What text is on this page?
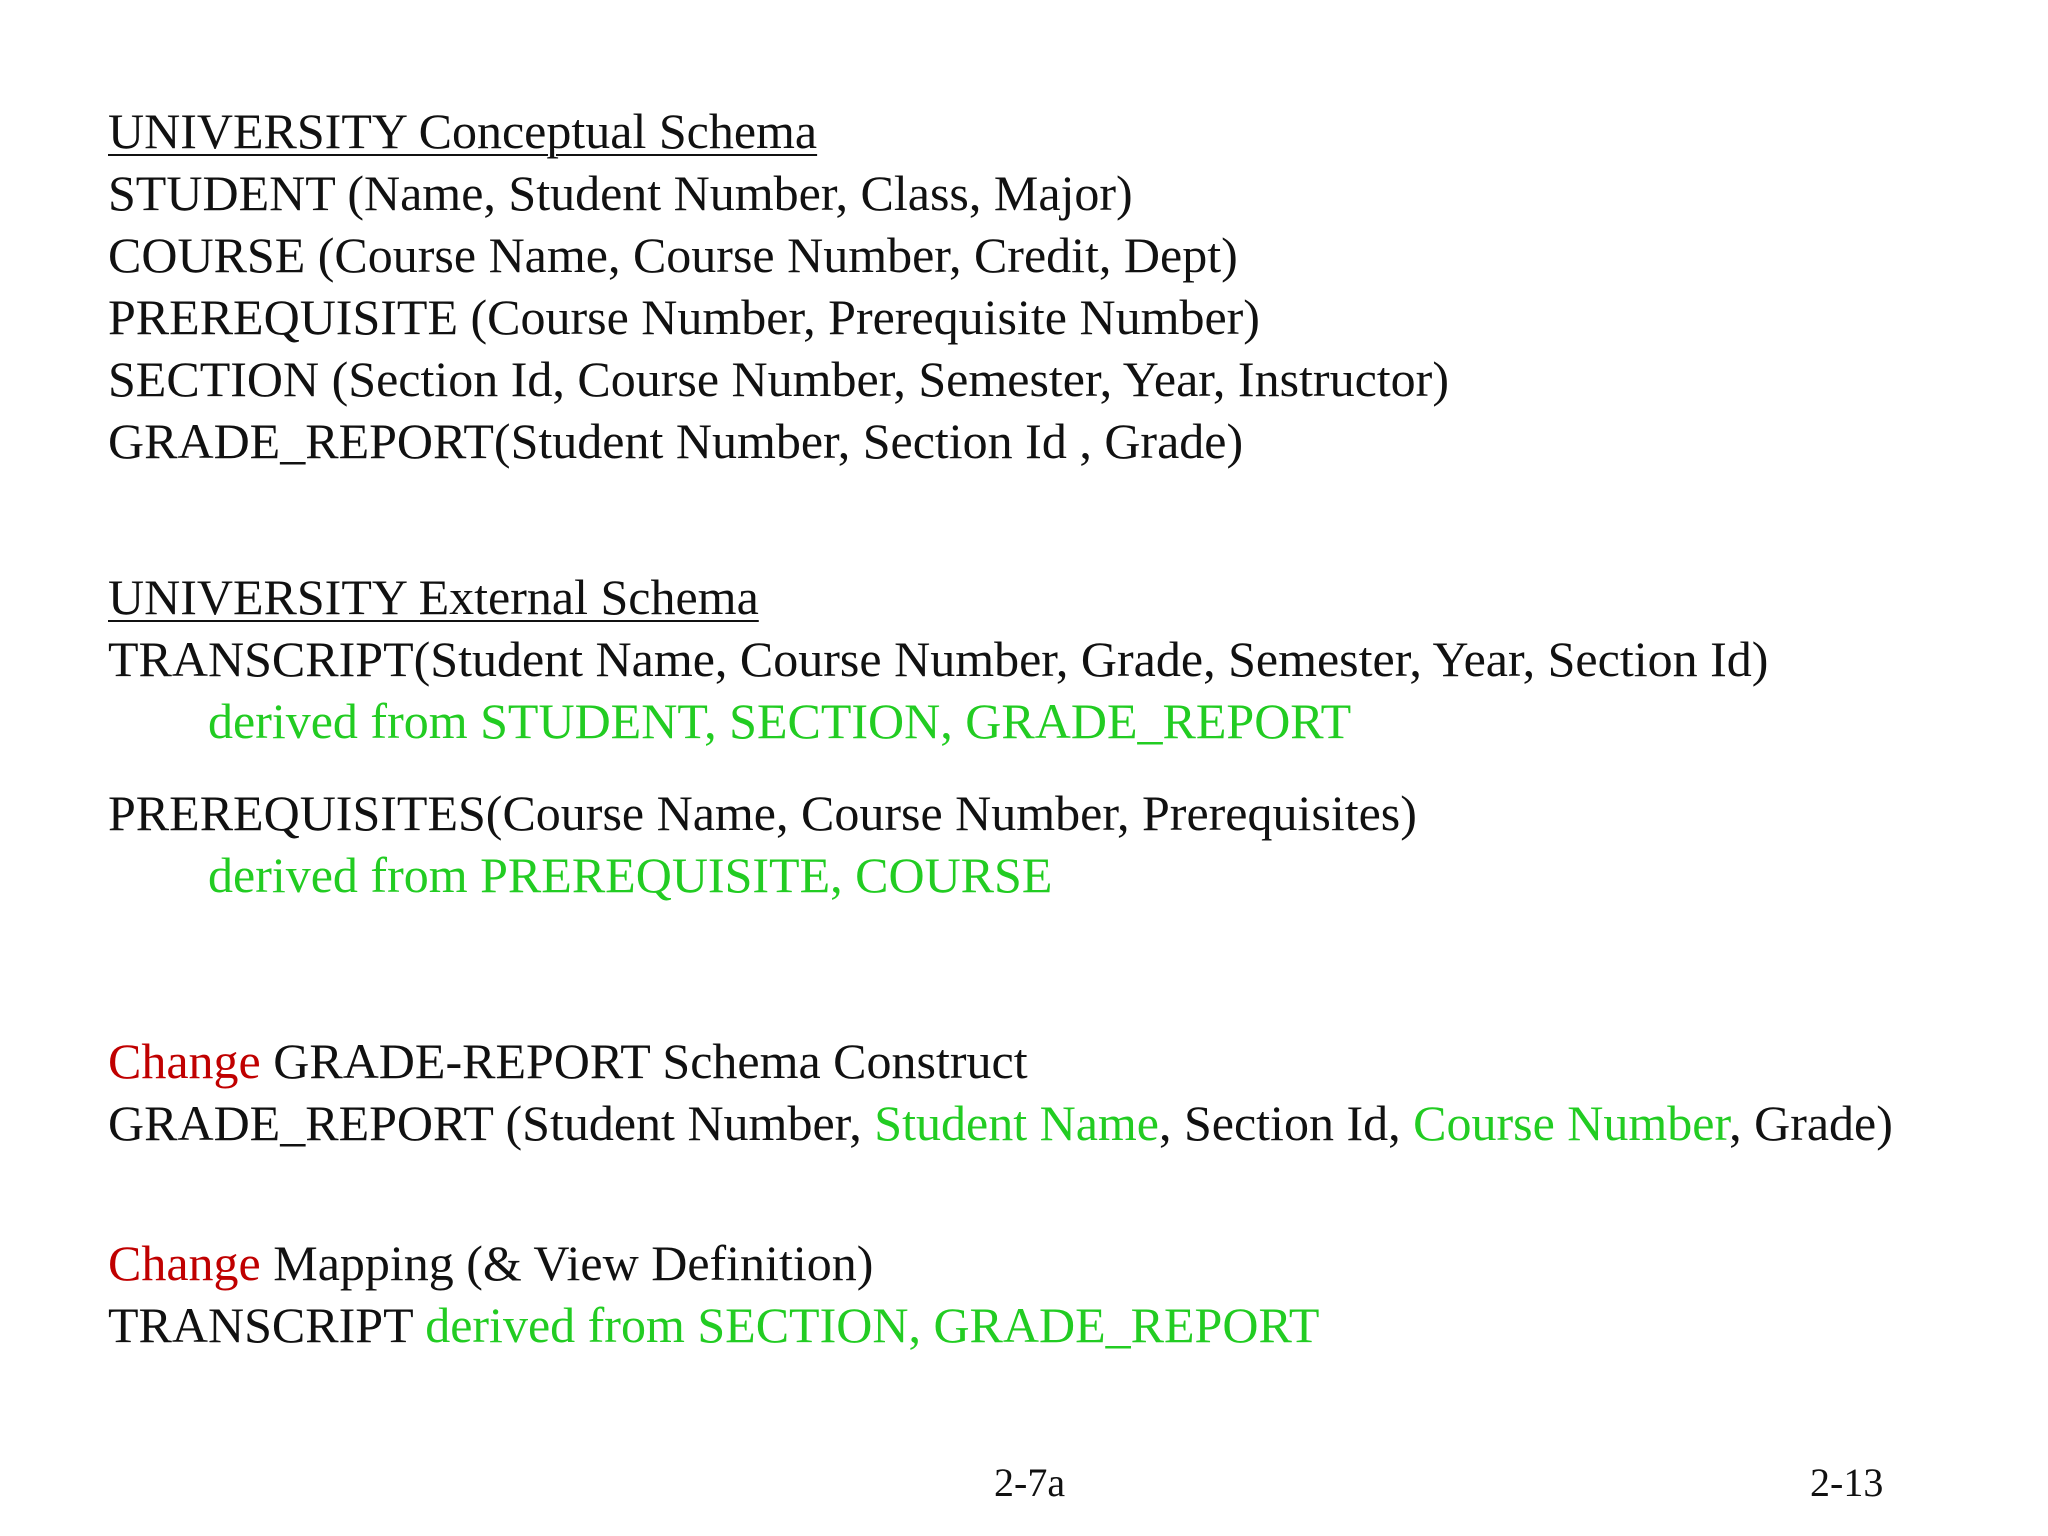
UNIVERSITY Conceptual Schema
STUDENT (Name, Student Number, Class, Major)
COURSE (Course Name, Course Number, Credit, Dept)
PREREQUISITE (Course Number, Prerequisite Number)
SECTION (Section Id, Course Number, Semester, Year, Instructor)
GRADE_REPORT(Student Number, Section Id , Grade)
UNIVERSITY External Schema
TRANSCRIPT(Student Name, Course Number, Grade, Semester, Year, Section Id)
derived from STUDENT, SECTION, GRADE_REPORT
PREREQUISITES(Course Name, Course Number, Prerequisites)
derived from PREREQUISITE, COURSE
Change GRADE-REPORT Schema Construct
GRADE_REPORT (Student Number, Student Name, Section Id, Course Number, Grade)
Change Mapping (& View Definition)
TRANSCRIPT derived from SECTION, GRADE_REPORT
2-7a	2-13
